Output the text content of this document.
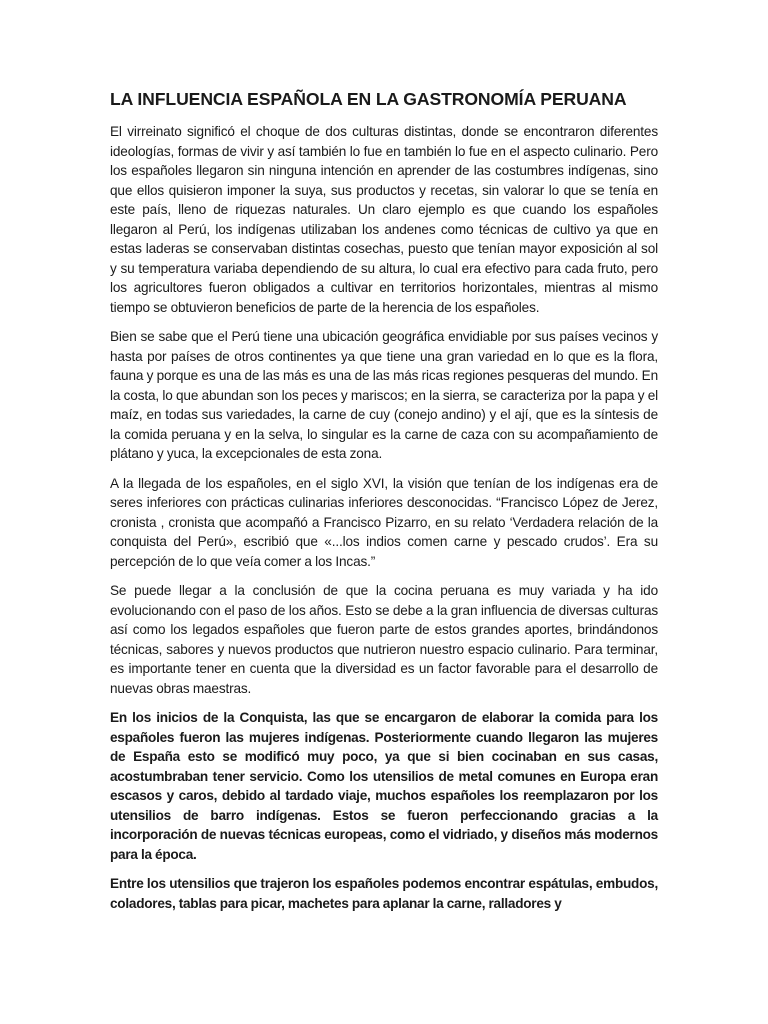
LA INFLUENCIA ESPAÑOLA EN LA GASTRONOMÍA PERUANA

El virreinato significó el choque de dos culturas distintas, donde se encontraron diferentes ideologías, formas de vivir y así también lo fue en también lo fue en el aspecto culinario. Pero los españoles llegaron sin ninguna intención en aprender de las costumbres indígenas, sino que ellos quisieron imponer la suya, sus productos y recetas, sin valorar lo que se tenía en este país, lleno de riquezas naturales. Un claro ejemplo es que cuando los españoles llegaron al Perú, los indígenas utilizaban los andenes como técnicas de cultivo ya que en estas laderas se conservaban distintas cosechas, puesto que tenían mayor exposición al sol y su temperatura variaba dependiendo de su altura, lo cual era efectivo para cada fruto, pero los agricultores fueron obligados a cultivar en territorios horizontales, mientras al mismo tiempo se obtuvieron beneficios de parte de la herencia de los españoles.

Bien se sabe que el Perú tiene una ubicación geográfica envidiable por sus países vecinos y hasta por países de otros continentes ya que tiene una gran variedad en lo que es la flora, fauna y porque es una de las más es una de las más ricas regiones pesqueras del mundo. En la costa, lo que abundan son los peces y mariscos; en la sierra, se caracteriza por la papa y el maíz, en todas sus variedades, la carne de cuy (conejo andino) y el ají, que es la síntesis de la comida peruana y en la selva, lo singular es la carne de caza con su acompañamiento de plátano y yuca, la excepcionales de esta zona.

A la llegada de los españoles, en el siglo XVI, la visión que tenían de los indígenas era de seres inferiores con prácticas culinarias inferiores desconocidas. “Francisco López de Jerez, cronista , cronista que acompañó a Francisco Pizarro, en su relato ‘Verdadera relación de la conquista del Perú», escribió que «...los indios comen carne y pescado crudos’. Era su percepción de lo que veía comer a los Incas.”

Se puede llegar a la conclusión de que la cocina peruana es muy variada y ha ido evolucionando con el paso de los años. Esto se debe a la gran influencia de diversas culturas así como los legados españoles que fueron parte de estos grandes aportes, brindándonos técnicas, sabores y nuevos productos que nutrieron nuestro espacio culinario. Para terminar, es importante tener en cuenta que la diversidad es un factor favorable para el desarrollo de nuevas obras maestras.

En los inicios de la Conquista, las que se encargaron de elaborar la comida para los españoles fueron las mujeres indígenas. Posteriormente cuando llegaron las mujeres de España esto se modificó muy poco, ya que si bien cocinaban en sus casas, acostumbraban tener servicio. Como los utensilios de metal comunes en Europa eran escasos y caros, debido al tardado viaje, muchos españoles los reemplazaron por los utensilios de barro indígenas. Estos se fueron perfeccionando gracias a la incorporación de nuevas técnicas europeas, como el vidriado, y diseños más modernos para la época.

Entre los utensilios que trajeron los españoles podemos encontrar espátulas, embudos, coladores, tablas para picar, machetes para aplanar la carne, ralladores y
